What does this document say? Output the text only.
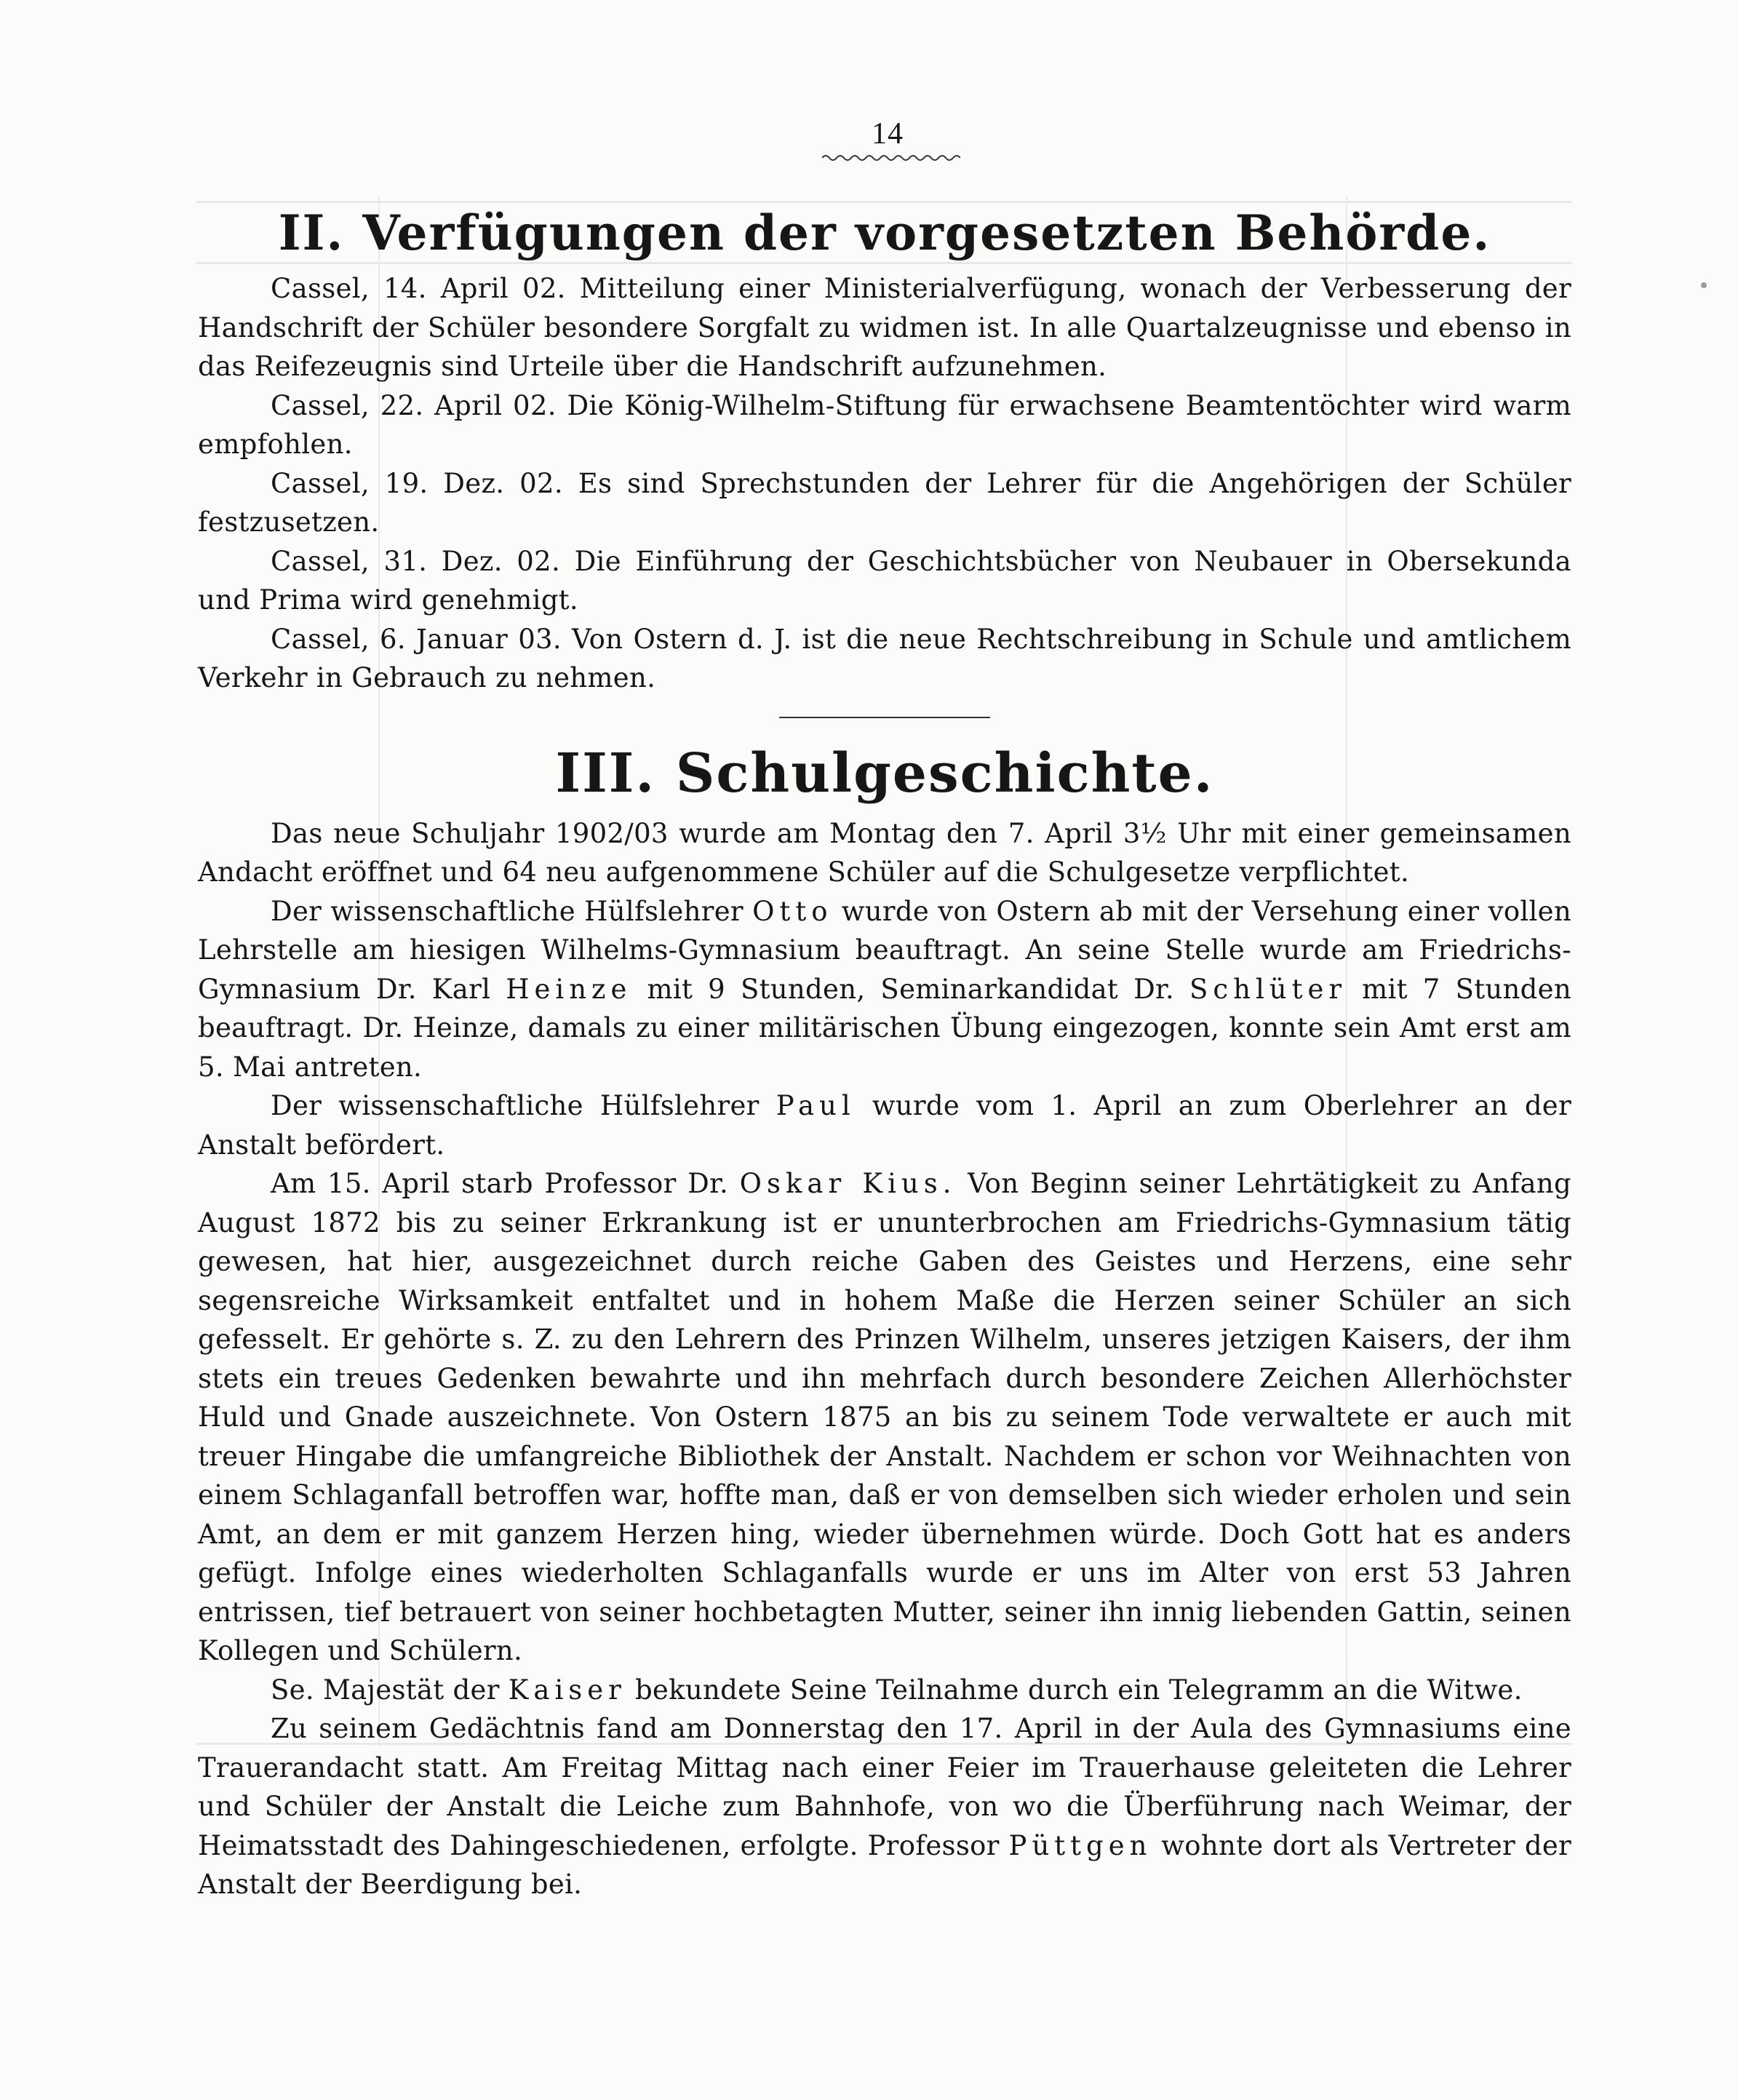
14
II. Verfügungen der vorgesetzten Behörde.

Cassel, 14. April 02. Mitteilung einer Ministerialverfügung, wonach der Verbesserung der Handschrift der Schüler besondere Sorgfalt zu widmen ist. In alle Quartalzeugnisse und ebenso in das Reifezeugnis sind Urteile über die Handschrift aufzunehmen.

Cassel, 22. April 02. Die König-Wilhelm-Stiftung für erwachsene Beamtentöchter wird warm empfohlen.

Cassel, 19. Dez. 02. Es sind Sprechstunden der Lehrer für die Angehörigen der Schüler festzusetzen.

Cassel, 31. Dez. 02. Die Einführung der Geschichtsbücher von Neubauer in Obersekunda und Prima wird genehmigt.

Cassel, 6. Januar 03. Von Ostern d. J. ist die neue Rechtschreibung in Schule und amtlichem Verkehr in Gebrauch zu nehmen.

III. Schulgeschichte.

Das neue Schuljahr 1902/03 wurde am Montag den 7. April 3½ Uhr mit einer gemeinsamen Andacht eröffnet und 64 neu aufgenommene Schüler auf die Schulgesetze verpflichtet.

Der wissenschaftliche Hülfslehrer Otto wurde von Ostern ab mit der Versehung einer vollen Lehrstelle am hiesigen Wilhelms-Gymnasium beauftragt. An seine Stelle wurde am Friedrichs-Gymnasium Dr. Karl Heinze mit 9 Stunden, Seminarkandidat Dr. Schlüter mit 7 Stunden beauftragt. Dr. Heinze, damals zu einer militärischen Übung eingezogen, konnte sein Amt erst am 5. Mai antreten.

Der wissenschaftliche Hülfslehrer Paul wurde vom 1. April an zum Oberlehrer an der Anstalt befördert.

Am 15. April starb Professor Dr. Oskar Kius. Von Beginn seiner Lehrtätigkeit zu Anfang August 1872 bis zu seiner Erkrankung ist er ununterbrochen am Friedrichs-Gymnasium tätig gewesen, hat hier, ausgezeichnet durch reiche Gaben des Geistes und Herzens, eine sehr segensreiche Wirksamkeit entfaltet und in hohem Maße die Herzen seiner Schüler an sich gefesselt. Er gehörte s. Z. zu den Lehrern des Prinzen Wilhelm, unseres jetzigen Kaisers, der ihm stets ein treues Gedenken bewahrte und ihn mehrfach durch besondere Zeichen Allerhöchster Huld und Gnade auszeichnete. Von Ostern 1875 an bis zu seinem Tode verwaltete er auch mit treuer Hingabe die umfangreiche Bibliothek der Anstalt. Nachdem er schon vor Weihnachten von einem Schlaganfall betroffen war, hoffte man, daß er von demselben sich wieder erholen und sein Amt, an dem er mit ganzem Herzen hing, wieder übernehmen würde. Doch Gott hat es anders gefügt. Infolge eines wiederholten Schlaganfalls wurde er uns im Alter von erst 53 Jahren entrissen, tief betrauert von seiner hochbetagten Mutter, seiner ihn innig liebenden Gattin, seinen Kollegen und Schülern.

Se. Majestät der Kaiser bekundete Seine Teilnahme durch ein Telegramm an die Witwe.

Zu seinem Gedächtnis fand am Donnerstag den 17. April in der Aula des Gymnasiums eine Trauerandacht statt. Am Freitag Mittag nach einer Feier im Trauerhause geleiteten die Lehrer und Schüler der Anstalt die Leiche zum Bahnhofe, von wo die Überführung nach Weimar, der Heimatsstadt des Dahingeschiedenen, erfolgte. Professor Püttgen wohnte dort als Vertreter der Anstalt der Beerdigung bei.
